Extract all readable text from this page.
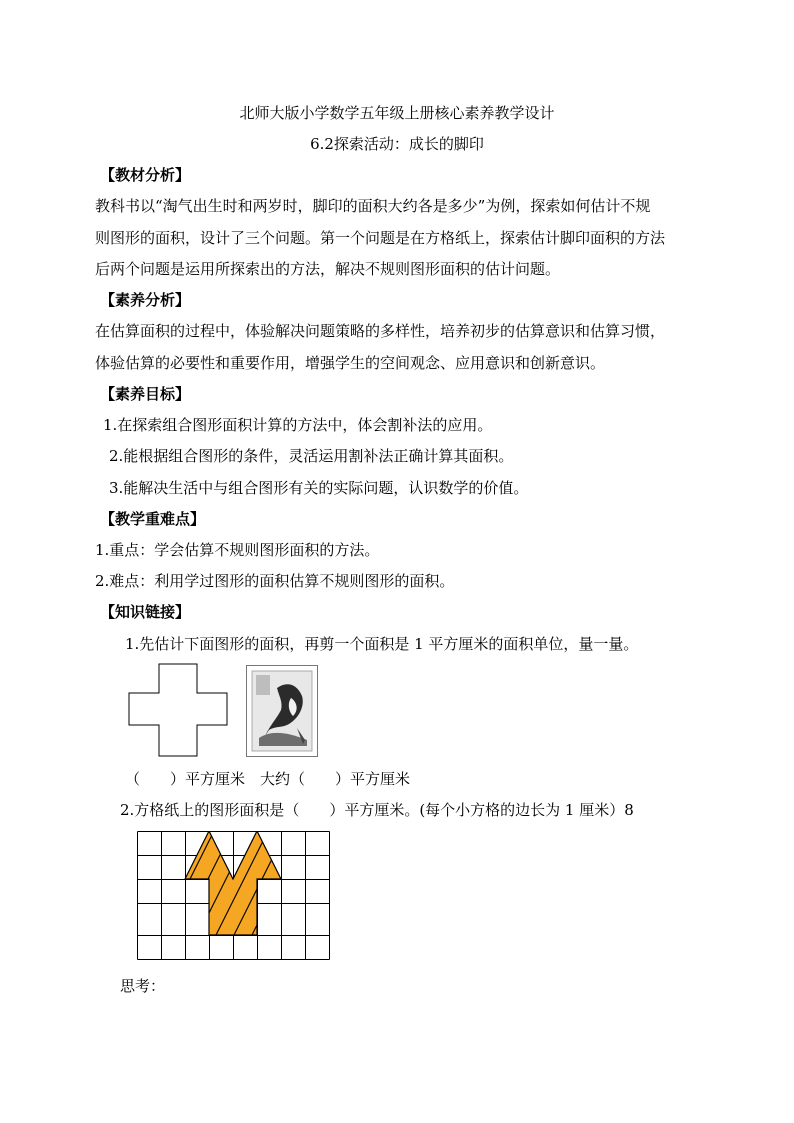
北师大版小学数学五年级上册核心素养教学设计
6.2探索活动：成长的脚印
【教材分析】
教科书以“淘气出生时和两岁时，脚印的面积大约各是多少”为例，探索如何估计不规
则图形的面积，设计了三个问题。第一个问题是在方格纸上，探索估计脚印面积的方法
后两个问题是运用所探索出的方法，解决不规则图形面积的估计问题。
【素养分析】
在估算面积的过程中，体验解决问题策略的多样性，培养初步的估算意识和估算习惯，
体验估算的必要性和重要作用，增强学生的空间观念、应用意识和创新意识。
【素养目标】
1.在探索组合图形面积计算的方法中，体会割补法的应用。
2.能根据组合图形的条件，灵活运用割补法正确计算其面积。
3.能解决生活中与组合图形有关的实际问题，认识数学的价值。
【教学重难点】
1.重点：学会估算不规则图形面积的方法。
2.难点：利用学过图形的面积估算不规则图形的面积。
【知识链接】
1.先估计下面图形的面积，再剪一个面积是 1 平方厘米的面积单位，量一量。
（　　）平方厘米　大约（　　）平方厘米
2.方格纸上的图形面积是（　　）平方厘米。(每个小方格的边长为 1 厘米）8
思考：
